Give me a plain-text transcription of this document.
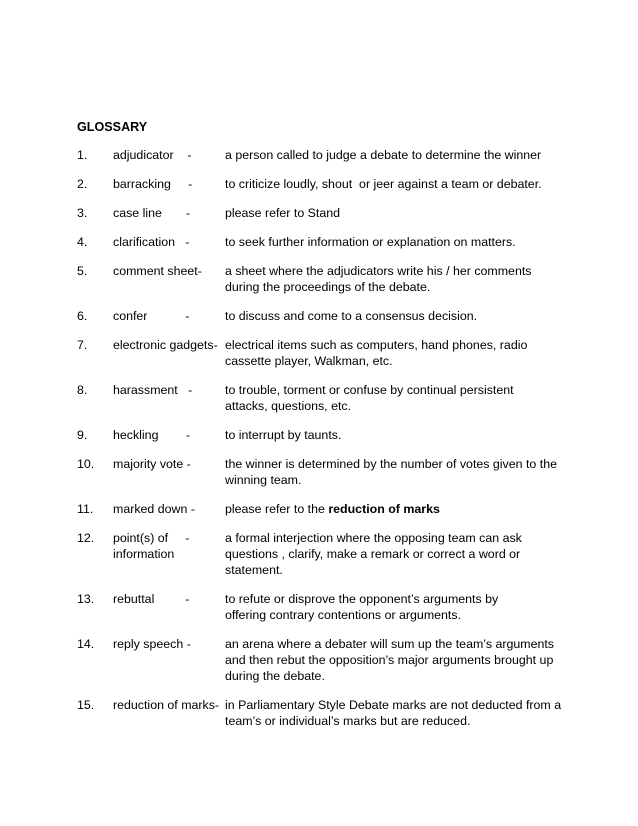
GLOSSARY
1.	adjudicator    -	a person called to judge a debate to determine the winner
2.	barracking     -	to criticize loudly, shout  or jeer against a team or debater.
3.	case line       -	please refer to Stand
4.	clarification   -	to seek further information or explanation on matters.
5.	comment sheet-	a sheet where the adjudicators write his / her comments
during the proceedings of the debate.
6.	confer           -	to discuss and come to a consensus decision.
7.	electronic gadgets- electrical items such as computers, hand phones, radio
cassette player, Walkman, etc.
8.	harassment   -	to trouble, torment or confuse by continual persistent
attacks, questions, etc.
9.	heckling        -	to interrupt by taunts.
10.	majority vote -	the winner is determined by the number of votes given to the
winning team.
11.	marked down -	please refer to the reduction of marks
12.	point(s) of     -
information
a formal interjection where the opposing team can ask
questions , clarify, make a remark or correct a word or
statement.
13.	rebuttal         -	to refute or disprove the opponent’s arguments by
offering contrary contentions or arguments.
14.	reply speech -	an arena where a debater will sum up the team’s arguments
and then rebut the opposition’s major arguments brought up
during the debate.
15.	reduction of marks- in Parliamentary Style Debate marks are not deducted from a
team’s or individual’s marks but are reduced.
